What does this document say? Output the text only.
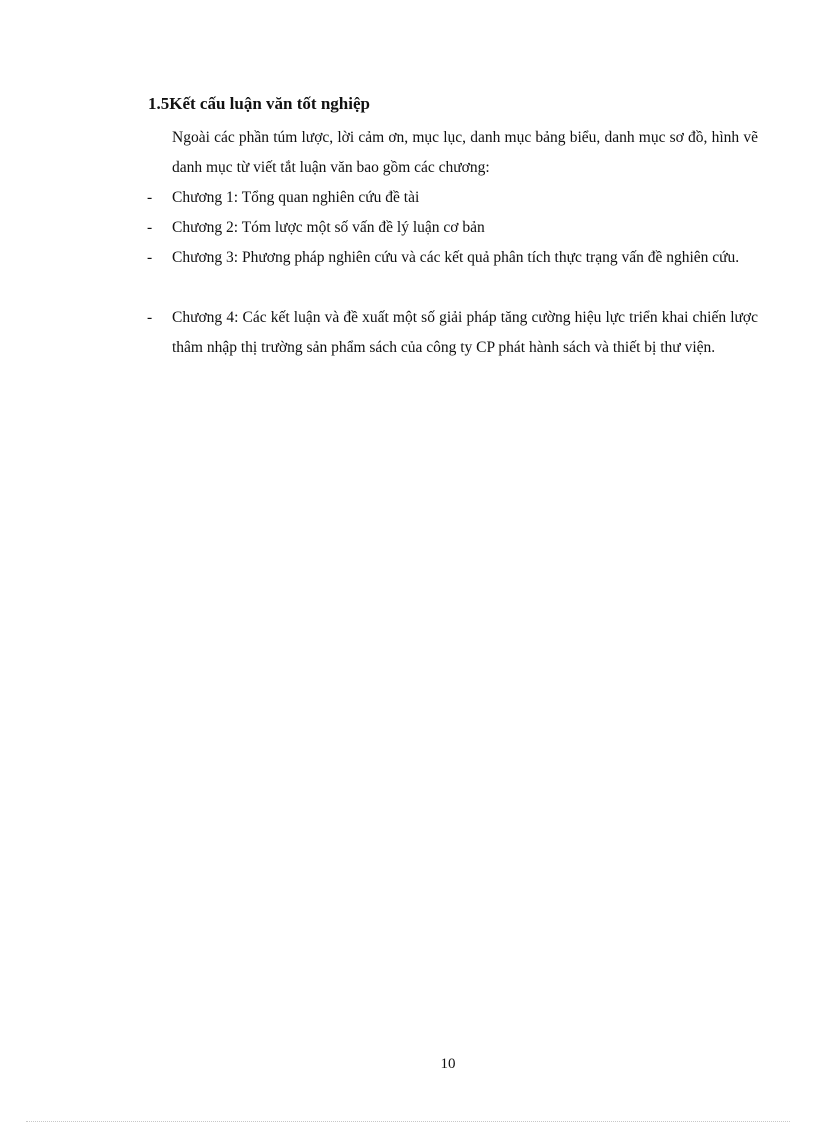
1.5Kết cấu luận văn tốt nghiệp

Ngoài các phần túm lược, lời cảm ơn, mục lục, danh mục bảng biểu, danh mục sơ đồ, hình vẽ danh mục từ viết tắt luận văn bao gồm các chương:

- Chương 1: Tổng quan nghiên cứu đề tài

- Chương 2: Tóm lược một số vấn đề lý luận cơ bản

- Chương 3: Phương pháp nghiên cứu và các kết quả phân tích thực trạng vấn đề nghiên cứu.

- Chương 4: Các kết luận và đề xuất một số giải pháp tăng cường hiệu lực triển khai chiến lược thâm nhập thị trường sản phẩm sách của công ty CP phát hành sách và thiết bị thư viện.

10
